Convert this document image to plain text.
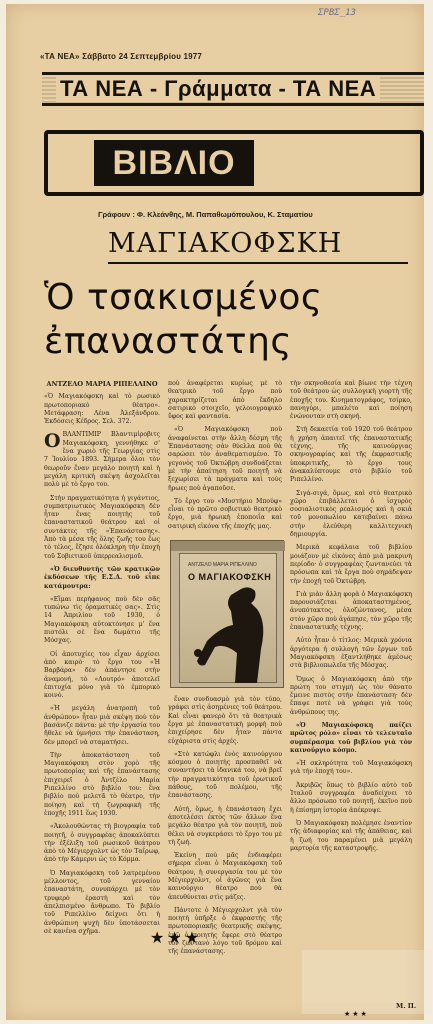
ΣΡΒΣ_13
«ΤΑ ΝΕΑ» Σάββατο 24 Σεπτεμβρίου 1977
ΤΑ ΝΕΑ - Γράμματα - ΤΑ ΝΕΑ
ΒΙΒΛΙΟ
Γράφουν : Φ. Κλεάνθης, Μ. Παπαθωμόπουλου, Κ. Σταματίου
ΜΑΓΙΑΚΟΦΣΚΗ
Ὁ τσακισμένος
ἐπαναστάτης

ΑΝΤΖΕΛΟ ΜΑΡΙΑ ΡΙΠΕΛΛΙΝΟ

«Ὁ Μαγιακόφσκη καὶ τὸ ρωσικὸ πρωτοποριακὸ θέατρο». Μετάφραση: Λένα Ἀλεξάνδρου. Ἐκδόσεις Κέδρος. Σελ. 372.

ΟΒΛΑΝΤΙΜΙΡ Βλαντιμίροβιτς Μαγιακόφσκη, γεννήθηκε σ' ἕνα χωριὸ τῆς Γεωργίας στὶς 7 Ἰουλίου 1893. Σήμερα ὅλοι τὸν θεωροῦν ἕναν μεγάλο ποιητὴ καὶ ἡ μεγάλη κριτικὴ σκέψη ἀσχολεῖται πολὺ μὲ τὸ ἔργο του.

Στὴν πραγματικότητα ἡ γιγάντιος, συμπατριωτικὸς Μαγιακόφσκη δὲν ἦταν ἕνας ποιητὴς τοῦ ἐπαναστατικοῦ θεάτρου καὶ οἱ συντάκτες τῆς «Ἐπανάστασης». Ἀπὸ τὰ μέσα τῆς ὅλης ζωῆς του ἕως τὸ τέλος, ἔζησε ὁλόκληρη τὴν ἐποχὴ τοῦ Σοβιετικοῦ ὑπερρεαλισμοῦ.

«Ὁ διευθυντὴς τῶν κρατικῶν ἐκδόσεων τῆς Ε.Σ.Δ. τοῦ εἶπε κατάμουτρα:

«Εἴμαι περήφανος ποὺ δὲν σᾶς τυπώνω τὶς ὁραματικὲς σας». Στὶς 14 Ἀπριλίου τοῦ 1930, ὁ Μαγιακόφσκη αὐτοκτόνησε μ' ἕνα πιστόλι σὲ ἕνα δωμάτιο τῆς Μόσχας.

Οἱ ἀποτυχίες του εἶχαν ἀρχίσει ἀπὸ καιρὸ· τὸ ἔργο του «Ἡ Βαρβάρα» δὲν ἀπάντησε στὴν ἀναμονή, τὸ «Λουτρό» ἀποτελεῖ ἐπιτυχία μόνο γιὰ τὸ ἐμπορικὸ κοινὸ.

«Ἡ μεγάλη ἀνατροπὴ τοῦ ἀνθρώπου» ἦταν μιὰ σκέψη ποὺ τὸν βασάνιζε πάντα: μὲ τὴν ἐργασία του ἤθελε νὰ ὑμνήσει τὴν ἐπανάσταση, δὲν μπορεῖ νὰ σταματήσει.

Τὴν ἀποκατάσταση τοῦ Μαγιακόφσκη στὸν χορὸ τῆς πρωτοπορίας καὶ τῆς ἐπανάστασης ἐπιχειρεῖ ὁ Ἀντζέλο Μαρία Ριπελλίνο στὸ βιβλίο του: ἕνα βιβλίο ποὺ μελετᾶ τὸ θέατρο, τὴν ποίηση καὶ τὴ ζωγραφικὴ τῆς ἐποχῆς 1911 ἕως 1930.

«Ἀκολουθώντας τὴ βιογραφία τοῦ ποιητῆ, ὁ συγγραφέας ἀποκαλύπτει τὴν ἐξέλιξη τοῦ ρωσικοῦ θεάτρου ἀπὸ τὸ Μέγιερχολντ ὡς τὸν Ταΐρωφ, ἀπὸ τὴν Κάμερνι ὡς τὸ Κόμμα.

Ὁ Μαγιακόφσκη τοῦ λατρεμένου μέλλοντος, τοῦ γενναίου ἐπαναστάτη, συνυπάρχει μὲ τὸν τρυφερὸ ἐραστὴ καὶ τὸν ἀπελπισμένο ἄνθρωπο. Τὸ βιβλίο τοῦ Ριπελλίνο δείχνει ὅτι ἡ ἀνθρώπινη ψυχὴ δὲν ὑποτάσσεται σὲ κανένα σχῆμα.

ποὺ ἀναφέρεται κυρίως μὲ τὸ θεατρικὸ τοῦ ἔργο ποὺ χαρακτηρίζεται ἀπὸ ἔκδηλο σατιρικὸ στοιχεῖο, γελοιογραφικὸ ὕφος καὶ φαντασία.

«Ὁ Μαγιακόφσκη ποὺ ἀναφαίνεται στὴν ἄλλη δέσμη τῆς Ἐπανάστασης σὰν θύελλα ποὺ θὰ σαρώσει τὸν ἀναθεματισμένο. Τὸ γεγονὸς τοῦ Ὀκτώβρη συνδυάζεται μὲ τὴν ἀπαίτηση τοῦ ποιητῆ νὰ ξεχωρίσει τὰ πράγματα καὶ τοὺς ἥρωες ποὺ ἀγαποῦσε.

Τὸ ἔργο του «Μυστήριο Μπούφ» εἶναι τὸ πρῶτο σοβιετικὸ θεατρικὸ ἔργο, μιὰ ἡρωικὴ ἐποποιΐα καὶ σατιρικὴ εἰκόνα τῆς ἐποχῆς μας.

ἕναν συνδυασμὸ γιὰ τὸν τύπο, γράφει στὶς ἀσημένιες τοῦ θεάτρου. Καὶ εἶναι φανερὸ ὅτι τὰ θεατρικὰ ἔργα μὲ ἐπαναστατικὴ μορφὴ ποὺ ἐπιχείρησε δὲν ἦταν πάντα εὐχάριστα στὶς ἀρχές.

«Στὸ κατώφλι ἑνὸς καινούργιου κόσμου ὁ ποιητὴς προσπαθεῖ νὰ συναντήσει τὰ ἰδανικά του, νὰ βρεῖ τὴν πραγματικότητα τοῦ ἐρωτικοῦ πάθους, τοῦ πολέμου, τῆς ἐπανάστασης.

Αὐτή, ὅμως, ἡ ἐπανάσταση ἔχει ἀποτελέσει ἐκτὸς τῶν ἄλλων ἕνα μεγάλο θέατρο γιὰ τὸν ποιητή, ποὺ θέλει νὰ συγκεράσει τὸ ἔργο του μὲ τὴ ζωή.

Ἐκείνη ποὺ μᾶς ἐνδιαφέρει σήμερα εἶναι ὁ Μαγιακόφσκη τοῦ θεάτρου, ἡ συνεργασία του μὲ τὸν Μέγιερχολντ, οἱ ἀγῶνες γιὰ ἕνα καινούργιο θέατρο ποὺ θὰ ἀπευθύνεται στὶς μάζες.

Πάντοτε ὁ Μέγιερχολντ γιὰ τὸν ποιητὴ ὑπῆρξε ὁ ἐκφραστὴς τῆς πρωτοποριακῆς θεατρικῆς σκέψης, ἐνῶ ὁ ποιητὴς ἔφερε στὸ θέατρο τὸν ζωντανὸ λόγο τοῦ δρόμου καὶ τῆς ἐπανάστασης.

ΑΝΤΖΕΛΟ ΜΑΡΙΑ ΡΙΠΕΛΛΙΝΟ
Ο ΜΑΓΙΑΚΟΦΣΚΗ

τὴν σκηνοθεσία καὶ βίωνε τὴν τέχνη τοῦ θεάτρου ὡς συλλογικὴ γιορτὴ τῆς ἐποχῆς του. Κινηματογράφος, τσίρκο, πανηγύρι, μπαλέτο καὶ ποίηση ἑνώνονταν στὴ σκηνή.

Στὴ δεκαετία τοῦ 1920 τοῦ θεάτρου ἡ χρήση ἀπαιτεῖ τῆς ἐπαναστατικῆς τέχνης, τῆς καινούργιας σκηνογραφίας καὶ τῆς ἐκφραστικῆς ὑποκριτικῆς, τὸ ἔργο τους ἀνακαλύπτουμε στὸ βιβλίο τοῦ Ριπελλίνο.

Σιγά-σιγά, ὅμως, καὶ στὸ θεατρικὸ χῶρο ἐπιβάλλεται ὁ ἰσχυρὸς σοσιαλιστικὸς ρεαλισμός καὶ ἡ σκιὰ τοῦ μονοπωλίου κατεβαίνει πάνω στὴν ἐλεύθερη καλλιτεχνικὴ δημιουργία.

Μερικὰ κεφάλαια τοῦ βιβλίου μοιάζουν μὲ εἰκόνες ἀπὸ μιὰ μακρινὴ περίοδο· ὁ συγγραφέας ζωντανεύει τὰ πρόσωπα καὶ τὰ ἔργα ποὺ σημάδεψαν τὴν ἐποχὴ τοῦ Ὀκτώβρη.

Γιὰ μιὰν ἄλλη φορὰ ὁ Μαγιακόφσκη παρουσιάζεται ἀποκαταστημένος, ἀνυπότακτος, ὁλοζώντανος, μέσα στὸν χῶρο ποὺ ἀγάπησε, τὸν χῶρο τῆς ἐπαναστατικῆς τέχνης.

Αὐτὸ ἦταν ὁ τίτλος: Μερικὰ χρόνια ἀργότερα ἡ συλλογὴ τῶν ἔργων τοῦ Μαγιακόφσκη ἐξαντλήθηκε ἀμέσως στὰ βιβλιοπωλεῖα τῆς Μόσχας.

Ὅμως ὁ Μαγιακόφσκη ἀπὸ τὴν πρώτη του στιγμὴ ὡς τὸν θάνατο ἔμεινε πιστὸς στὴν ἐπανάσταση· δὲν ἔπαψε ποτὲ νὰ γράφει γιὰ τοὺς ἀνθρώπους της.

«Ὁ Μαγιακόφσκη παίζει πρῶτος ρόλο» εἶναι τὸ τελευταῖο συμπέρασμα τοῦ βιβλίου γιὰ τὸν καινούργιο κόσμο.

«Ἡ σκληρότητα τοῦ Μαγιακόφσκη γιὰ τὴν ἐποχή του».

Ἀκριβῶς ὅπως τὸ βιβλίο αὐτὸ τοῦ Ἰταλοῦ συγγραφέα ἀναδείχνει τὸ ἄλλο πρόσωπο τοῦ ποιητῆ, ἐκεῖνο ποὺ ἡ ἐπίσημη ἱστορία ἀπέκρυψε.

Ὁ Μαγιακόφσκη πολέμησε ἐναντίον τῆς ἀδιαφορίας καὶ τῆς ἀπάθειας, καὶ ἡ ζωή του παραμένει μιὰ μεγάλη μαρτυρία τῆς καταστροφῆς.

★★★
★★★
Μ. Π.
